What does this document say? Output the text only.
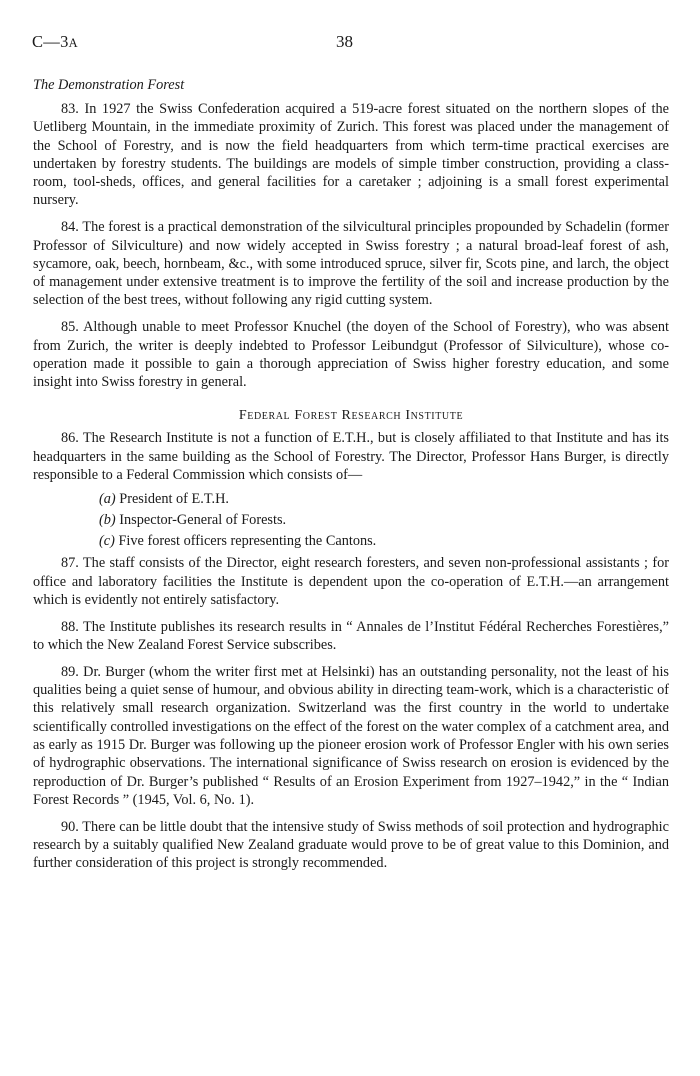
C—3A	38
The Demonstration Forest

83. In 1927 the Swiss Confederation acquired a 519-acre forest situated on the northern slopes of the Uetliberg Mountain, in the immediate proximity of Zurich. This forest was placed under the management of the School of Forestry, and is now the field headquarters from which term-time practical exercises are undertaken by forestry students. The buildings are models of simple timber construction, providing a class-room, tool-sheds, offices, and general facilities for a caretaker ; adjoining is a small forest experimental nursery.

84. The forest is a practical demonstration of the silvicultural principles propounded by Schadelin (former Professor of Silviculture) and now widely accepted in Swiss forestry ; a natural broad-leaf forest of ash, sycamore, oak, beech, hornbeam, &c., with some introduced spruce, silver fir, Scots pine, and larch, the object of management under extensive treatment is to improve the fertility of the soil and increase production by the selection of the best trees, without following any rigid cutting system.

85. Although unable to meet Professor Knuchel (the doyen of the School of Forestry), who was absent from Zurich, the writer is deeply indebted to Professor Leibundgut (Professor of Silviculture), whose co-operation made it possible to gain a thorough appreciation of Swiss higher forestry education, and some insight into Swiss forestry in general.

Federal Forest Research Institute

86. The Research Institute is not a function of E.T.H., but is closely affiliated to that Institute and has its headquarters in the same building as the School of Forestry. The Director, Professor Hans Burger, is directly responsible to a Federal Commission which consists of—

(a) President of E.T.H.
(b) Inspector-General of Forests.
(c) Five forest officers representing the Cantons.

87. The staff consists of the Director, eight research foresters, and seven non-professional assistants ; for office and laboratory facilities the Institute is dependent upon the co-operation of E.T.H.—an arrangement which is evidently not entirely satisfactory.

88. The Institute publishes its research results in “ Annales de l’Institut Fédéral Recherches Forestières,” to which the New Zealand Forest Service subscribes.

89. Dr. Burger (whom the writer first met at Helsinki) has an outstanding personality, not the least of his qualities being a quiet sense of humour, and obvious ability in directing team-work, which is a characteristic of this relatively small research organization. Switzerland was the first country in the world to undertake scientifically controlled investigations on the effect of the forest on the water complex of a catchment area, and as early as 1915 Dr. Burger was following up the pioneer erosion work of Professor Engler with his own series of hydrographic observations. The international significance of Swiss research on erosion is evidenced by the reproduction of Dr. Burger’s published “ Results of an Erosion Experiment from 1927–1942,” in the “ Indian Forest Records ” (1945, Vol. 6, No. 1).

90. There can be little doubt that the intensive study of Swiss methods of soil protection and hydrographic research by a suitably qualified New Zealand graduate would prove to be of great value to this Dominion, and further consideration of this project is strongly recommended.
